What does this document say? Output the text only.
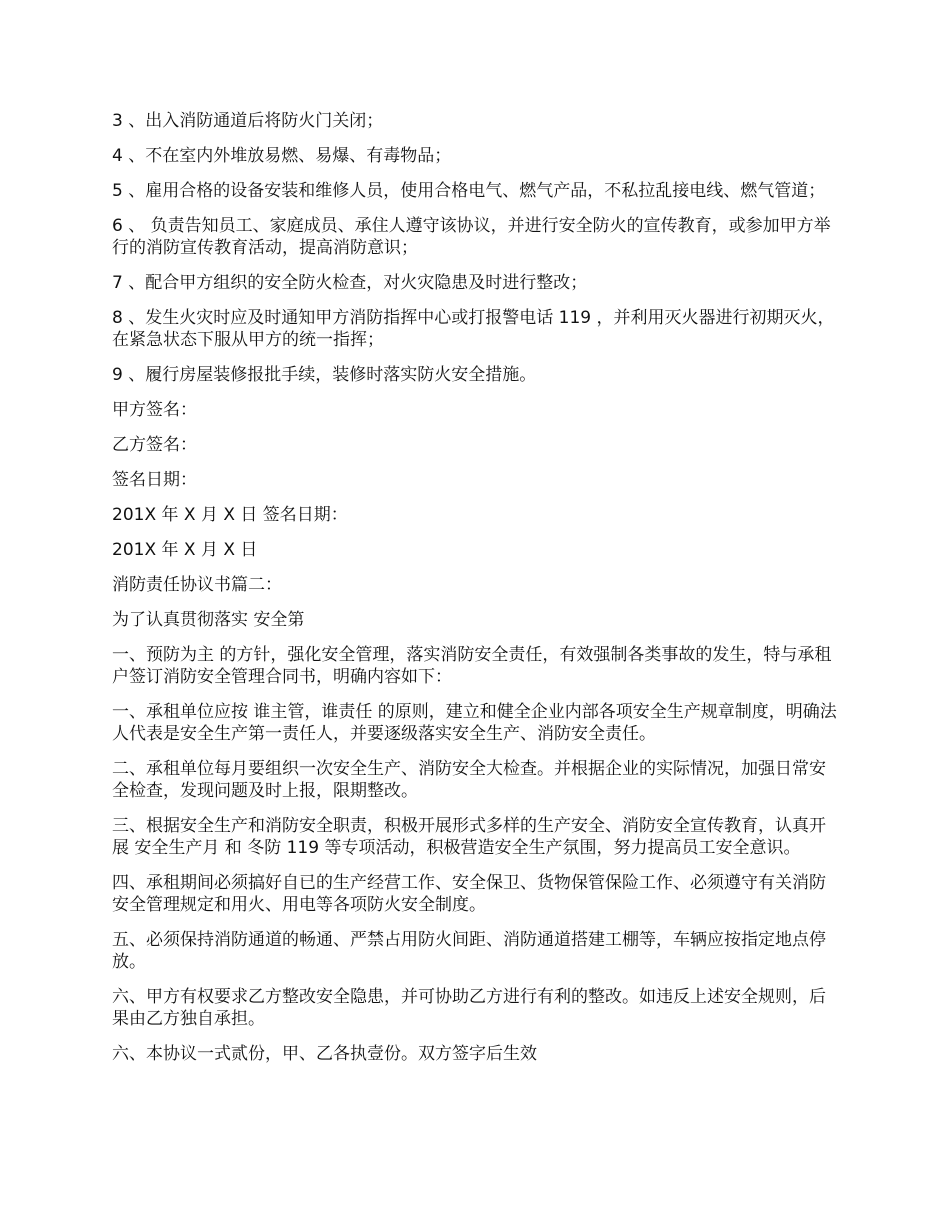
3 、出入消防通道后将防火门关闭；

4 、不在室内外堆放易燃、易爆、有毒物品；

5 、雇用合格的设备安装和维修人员，使用合格电气、燃气产品，不私拉乱接电线、燃气管道；

6 、 负责告知员工、家庭成员、承住人遵守该协议，并进行安全防火的宣传教育，或参加甲方举行的消防宣传教育活动，提高消防意识；

7 、配合甲方组织的安全防火检查，对火灾隐患及时进行整改；

8 、发生火灾时应及时通知甲方消防指挥中心或打报警电话 119 ，并利用灭火器进行初期灭火，在紧急状态下服从甲方的统一指挥；

9 、履行房屋装修报批手续，装修时落实防火安全措施。

甲方签名：

乙方签名：

签名日期：

201X 年 X 月 X 日 签名日期：

201X 年 X 月 X 日

消防责任协议书篇二：

为了认真贯彻落实 安全第

一、预防为主 的方针，强化安全管理，落实消防安全责任，有效强制各类事故的发生，特与承租户签订消防安全管理合同书，明确内容如下：

一、承租单位应按 谁主管，谁责任 的原则，建立和健全企业内部各项安全生产规章制度，明确法人代表是安全生产第一责任人，并要逐级落实安全生产、消防安全责任。

二、承租单位每月要组织一次安全生产、消防安全大检查。并根据企业的实际情况，加强日常安全检查，发现问题及时上报，限期整改。

三、根据安全生产和消防安全职责，积极开展形式多样的生产安全、消防安全宣传教育，认真开展 安全生产月 和 冬防 119 等专项活动，积极营造安全生产氛围，努力提高员工安全意识。

四、承租期间必须搞好自已的生产经营工作、安全保卫、货物保管保险工作、必须遵守有关消防安全管理规定和用火、用电等各项防火安全制度。

五、必须保持消防通道的畅通、严禁占用防火间距、消防通道搭建工棚等，车辆应按指定地点停放。

六、甲方有权要求乙方整改安全隐患，并可协助乙方进行有利的整改。如违反上述安全规则，后果由乙方独自承担。

六、本协议一式贰份，甲、乙各执壹份。双方签字后生效
